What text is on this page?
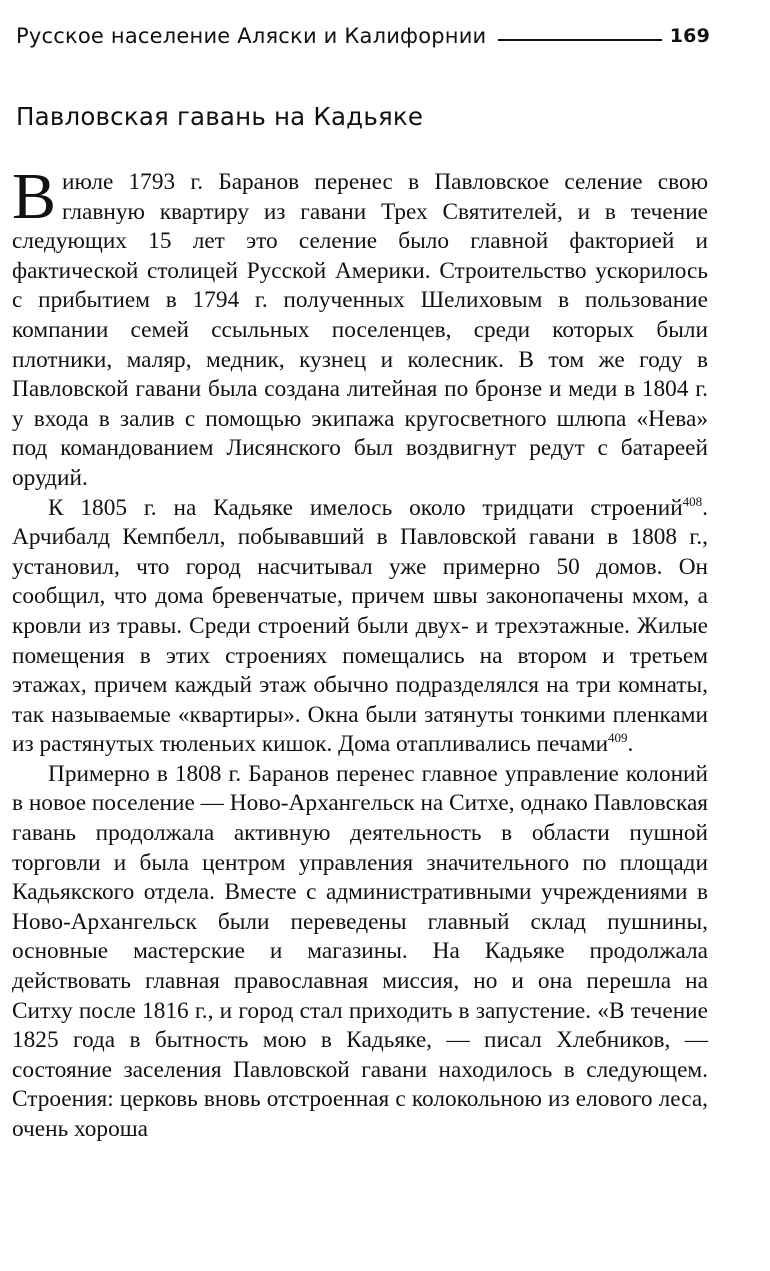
Русское население Аляски и Калифорнии	169
Павловская гавань на Кадьяке

Виюле 1793 г. Баранов перенес в Павловское селение свою главную квартиру из гавани Трех Святителей, и в течение следующих 15 лет это селение было главной факторией и фактической столицей Русской Америки. Строительство ускорилось с прибытием в 1794 г. полученных Шелиховым в пользование компании семей ссыльных поселенцев, среди которых были плотники, маляр, медник, кузнец и колесник. В том же году в Павловской гавани была создана литейная по бронзе и меди в 1804 г. у входа в залив с помощью экипажа кругосветного шлюпа «Нева» под командованием Лисянского был воздвигнут редут с батареей орудий.

К 1805 г. на Кадьяке имелось около тридцати строений$^{408}$. Арчибалд Кемпбелл, побывавший в Павловской гавани в 1808 г., установил, что город насчитывал уже примерно 50 домов. Он сообщил, что дома бревенчатые, причем швы законопачены мхом, а кровли из травы. Среди строений были двух- и трехэтажные. Жилые помещения в этих строениях помещались на втором и третьем этажах, причем каждый этаж обычно подразделялся на три комнаты, так называемые «квартиры». Окна были затянуты тонкими пленками из растянутых тюленьих кишок. Дома отапливались печами$^{409}$.

Примерно в 1808 г. Баранов перенес главное управление колоний в новое поселение — Ново-Архангельск на Ситхе, однако Павловская гавань продолжала активную деятельность в области пушной торговли и была центром управления значительного по площади Кадьякского отдела. Вместе с административными учреждениями в Ново-Архангельск были переведены главный склад пушнины, основные мастерские и магазины. На Кадьяке продолжала действовать главная православная миссия, но и она перешла на Ситху после 1816 г., и город стал приходить в запустение. «В течение 1825 года в бытность мою в Кадьяке, — писал Хлебников, — состояние заселения Павловской гавани находилось в следующем. Строения: церковь вновь отстроенная с колокольною из елового леса, очень хороша
